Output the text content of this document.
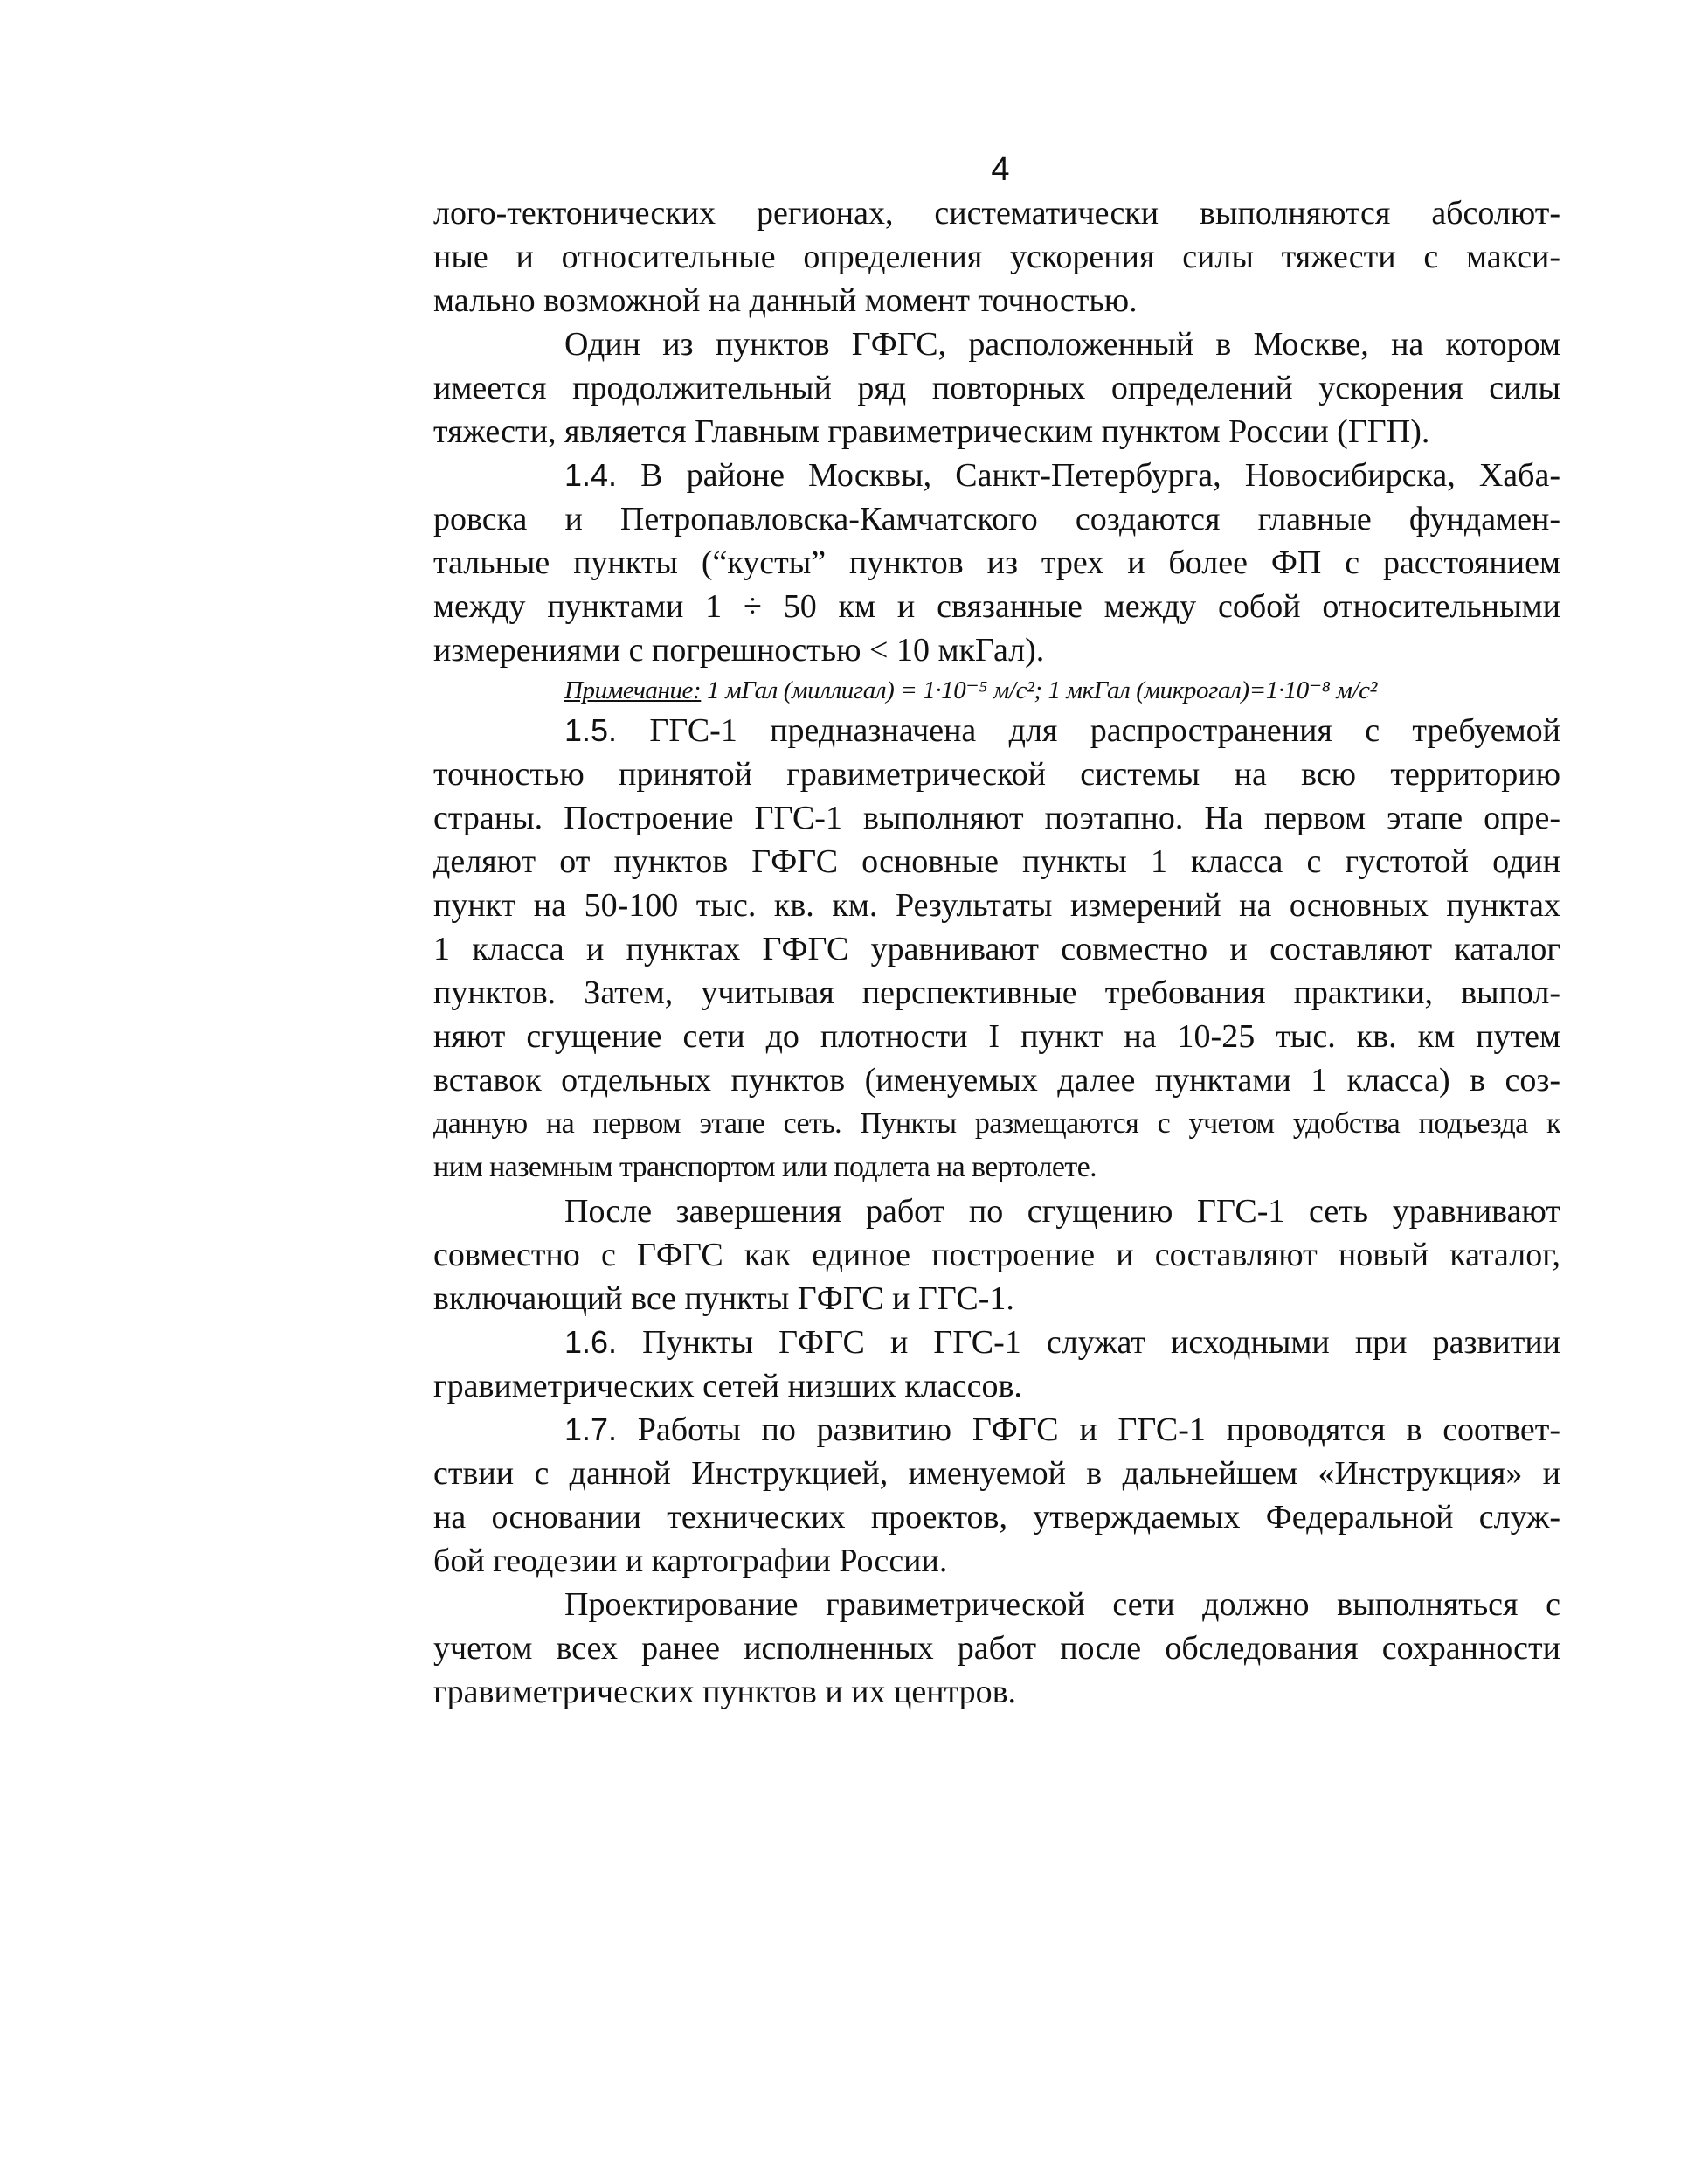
4
лого-тектонических регионах, систематически выполняются абсолют-
ные и относительные определения ускорения силы тяжести с макси-
мально возможной на данный момент точностью.
Один из пунктов ГФГС, расположенный в Москве, на котором
имеется продолжительный ряд повторных определений ускорения силы
тяжести, является Главным гравиметрическим пунктом России (ГГП).
1.4. В районе Москвы, Санкт-Петербурга, Новосибирска, Хаба-
ровска и Петропавловска-Камчатского создаются главные фундамен-
тальные пункты (“кусты” пунктов из трех и более ФП с расстоянием
между пунктами 1 ÷ 50 км и связанные между собой относительными
измерениями с погрешностью < 10 мкГал).
Примечание: 1 мГал (миллигал) = 1·10⁻⁵ м/с²; 1 мкГал (микрогал)=1·10⁻⁸ м/с²
1.5. ГГС-1 предназначена для распространения с требуемой
точностью принятой гравиметрической системы на всю территорию
страны. Построение ГГС-1 выполняют поэтапно. На первом этапе опре-
деляют от пунктов ГФГС основные пункты 1 класса с густотой один
пункт на 50-100 тыс. кв. км. Результаты измерений на основных пунктах
1 класса и пунктах ГФГС уравнивают совместно и составляют каталог
пунктов. Затем, учитывая перспективные требования практики, выпол-
няют сгущение сети до плотности I пункт на 10-25 тыс. кв. км путем
вставок отдельных пунктов (именуемых далее пунктами 1 класса) в соз-
данную на первом этапе сеть. Пункты размещаются с учетом удобства подъезда к
ним наземным транспортом или подлета на вертолете.
После завершения работ по сгущению ГГС-1 сеть уравнивают
совместно с ГФГС как единое построение и составляют новый каталог,
включающий все пункты ГФГС и ГГС-1.
1.6. Пункты ГФГС и ГГС-1 служат исходными при развитии
гравиметрических сетей низших классов.
1.7. Работы по развитию ГФГС и ГГС-1 проводятся в соответ-
ствии с данной Инструкцией, именуемой в дальнейшем «Инструкция» и
на основании технических проектов, утверждаемых Федеральной служ-
бой геодезии и картографии России.
Проектирование гравиметрической сети должно выполняться с
учетом всех ранее исполненных работ после обследования сохранности
гравиметрических пунктов и их центров.
